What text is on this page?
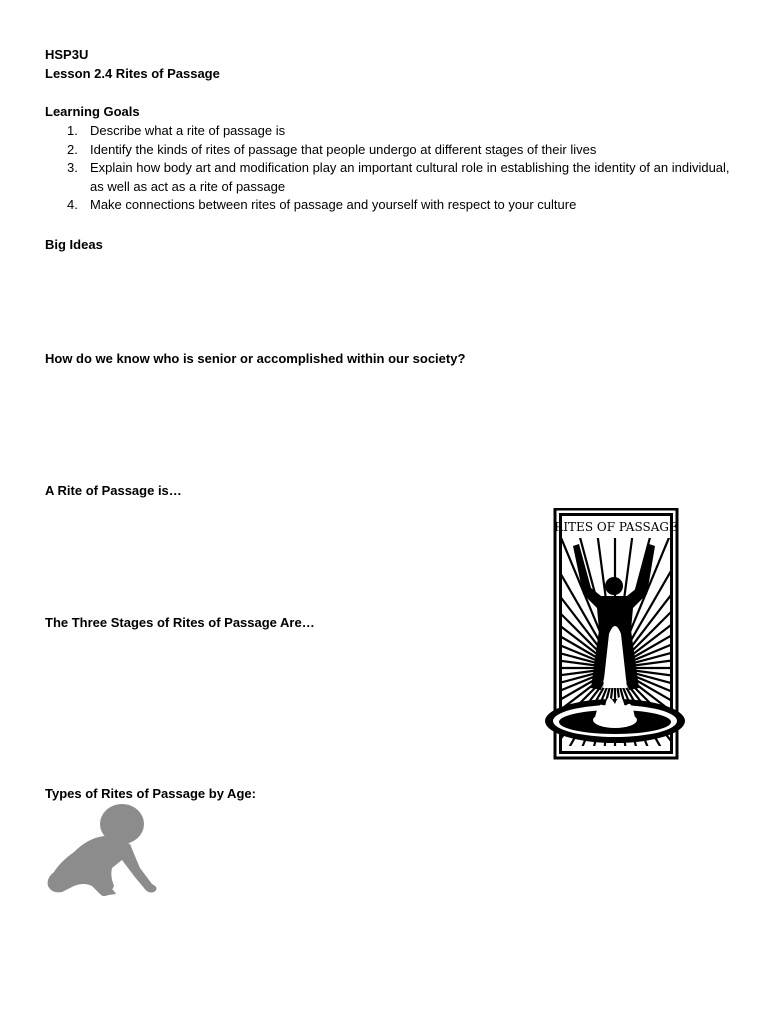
HSP3U
Lesson 2.4 Rites of Passage
Learning Goals
1. Describe what a rite of passage is
2. Identify the kinds of rites of passage that people undergo at different stages of their lives
3. Explain how body art and modification play an important cultural role in establishing the identity of an individual, as well as act as a rite of passage
4. Make connections between rites of passage and yourself with respect to your culture
Big Ideas
How do we know who is senior or accomplished within our society?
A Rite of Passage is…
The Three Stages of Rites of Passage Are…
Types of Rites of Passage by Age:
RITES OF PASSAGE
